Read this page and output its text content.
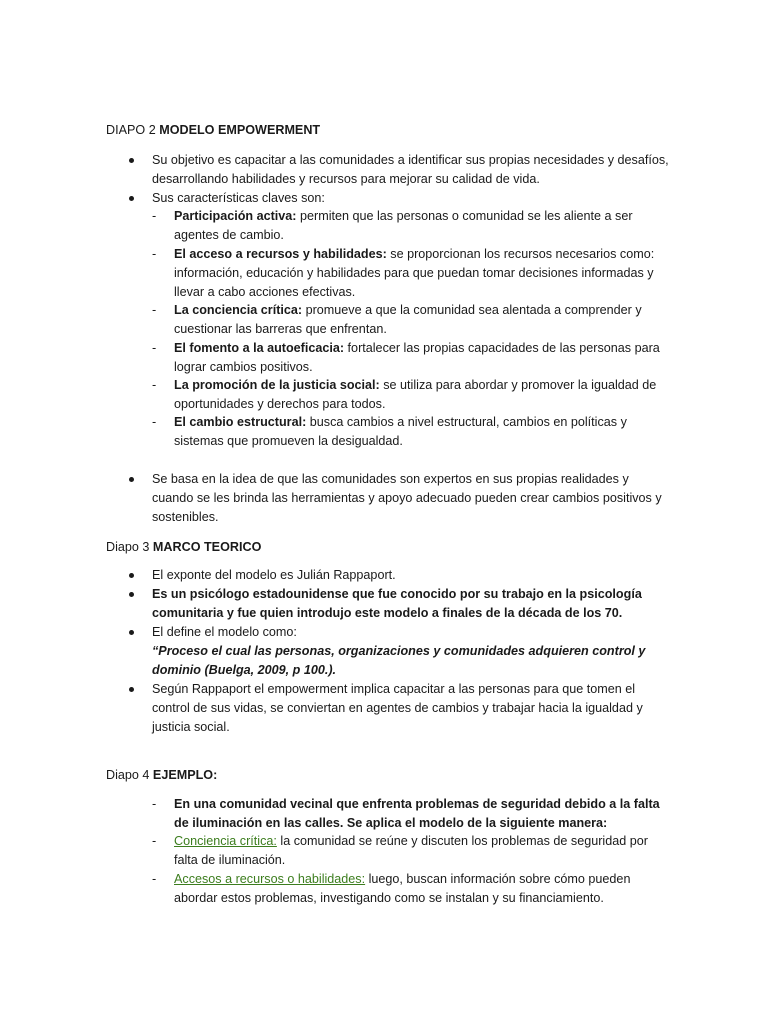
DIAPO 2 MODELO EMPOWERMENT
Su objetivo es capacitar a las comunidades a identificar sus propias necesidades y desafíos, desarrollando habilidades y recursos para mejorar su calidad de vida.
Sus características claves son:
- Participación activa: permiten que las personas o comunidad se les aliente a ser agentes de cambio.
- El acceso a recursos y habilidades: se proporcionan los recursos necesarios como: información, educación y habilidades para que puedan tomar decisiones informadas y llevar a cabo acciones efectivas.
- La conciencia crítica: promueve a que la comunidad sea alentada a comprender y cuestionar las barreras que enfrentan.
- El fomento a la autoeficacia: fortalecer las propias capacidades de las personas para lograr cambios positivos.
- La promoción de la justicia social: se utiliza para abordar y promover la igualdad de oportunidades y derechos para todos.
- El cambio estructural: busca cambios a nivel estructural, cambios en políticas y sistemas que promueven la desigualdad.
Se basa en la idea de que las comunidades son expertos en sus propias realidades y cuando se les brinda las herramientas y apoyo adecuado pueden crear cambios positivos y sostenibles.
Diapo 3 MARCO TEORICO
El exponte del modelo es Julián Rappaport.
Es un psicólogo estadounidense que fue conocido por su trabajo en la psicología comunitaria y fue quien introdujo este modelo a finales de la década de los 70.
El define el modelo como:
“Proceso el cual las personas, organizaciones y comunidades adquieren control y dominio (Buelga, 2009, p 100.).
Según Rappaport el empowerment implica capacitar a las personas para que tomen el control de sus vidas, se conviertan en agentes de cambios y trabajar hacia la igualdad y justicia social.
Diapo 4 EJEMPLO:
- En una comunidad vecinal que enfrenta problemas de seguridad debido a la falta de iluminación en las calles. Se aplica el modelo de la siguiente manera:
- Conciencia crítica: la comunidad se reúne y discuten los problemas de seguridad por falta de iluminación.
- Accesos a recursos o habilidades: luego, buscan información sobre cómo pueden abordar estos problemas, investigando como se instalan y su financiamiento.
